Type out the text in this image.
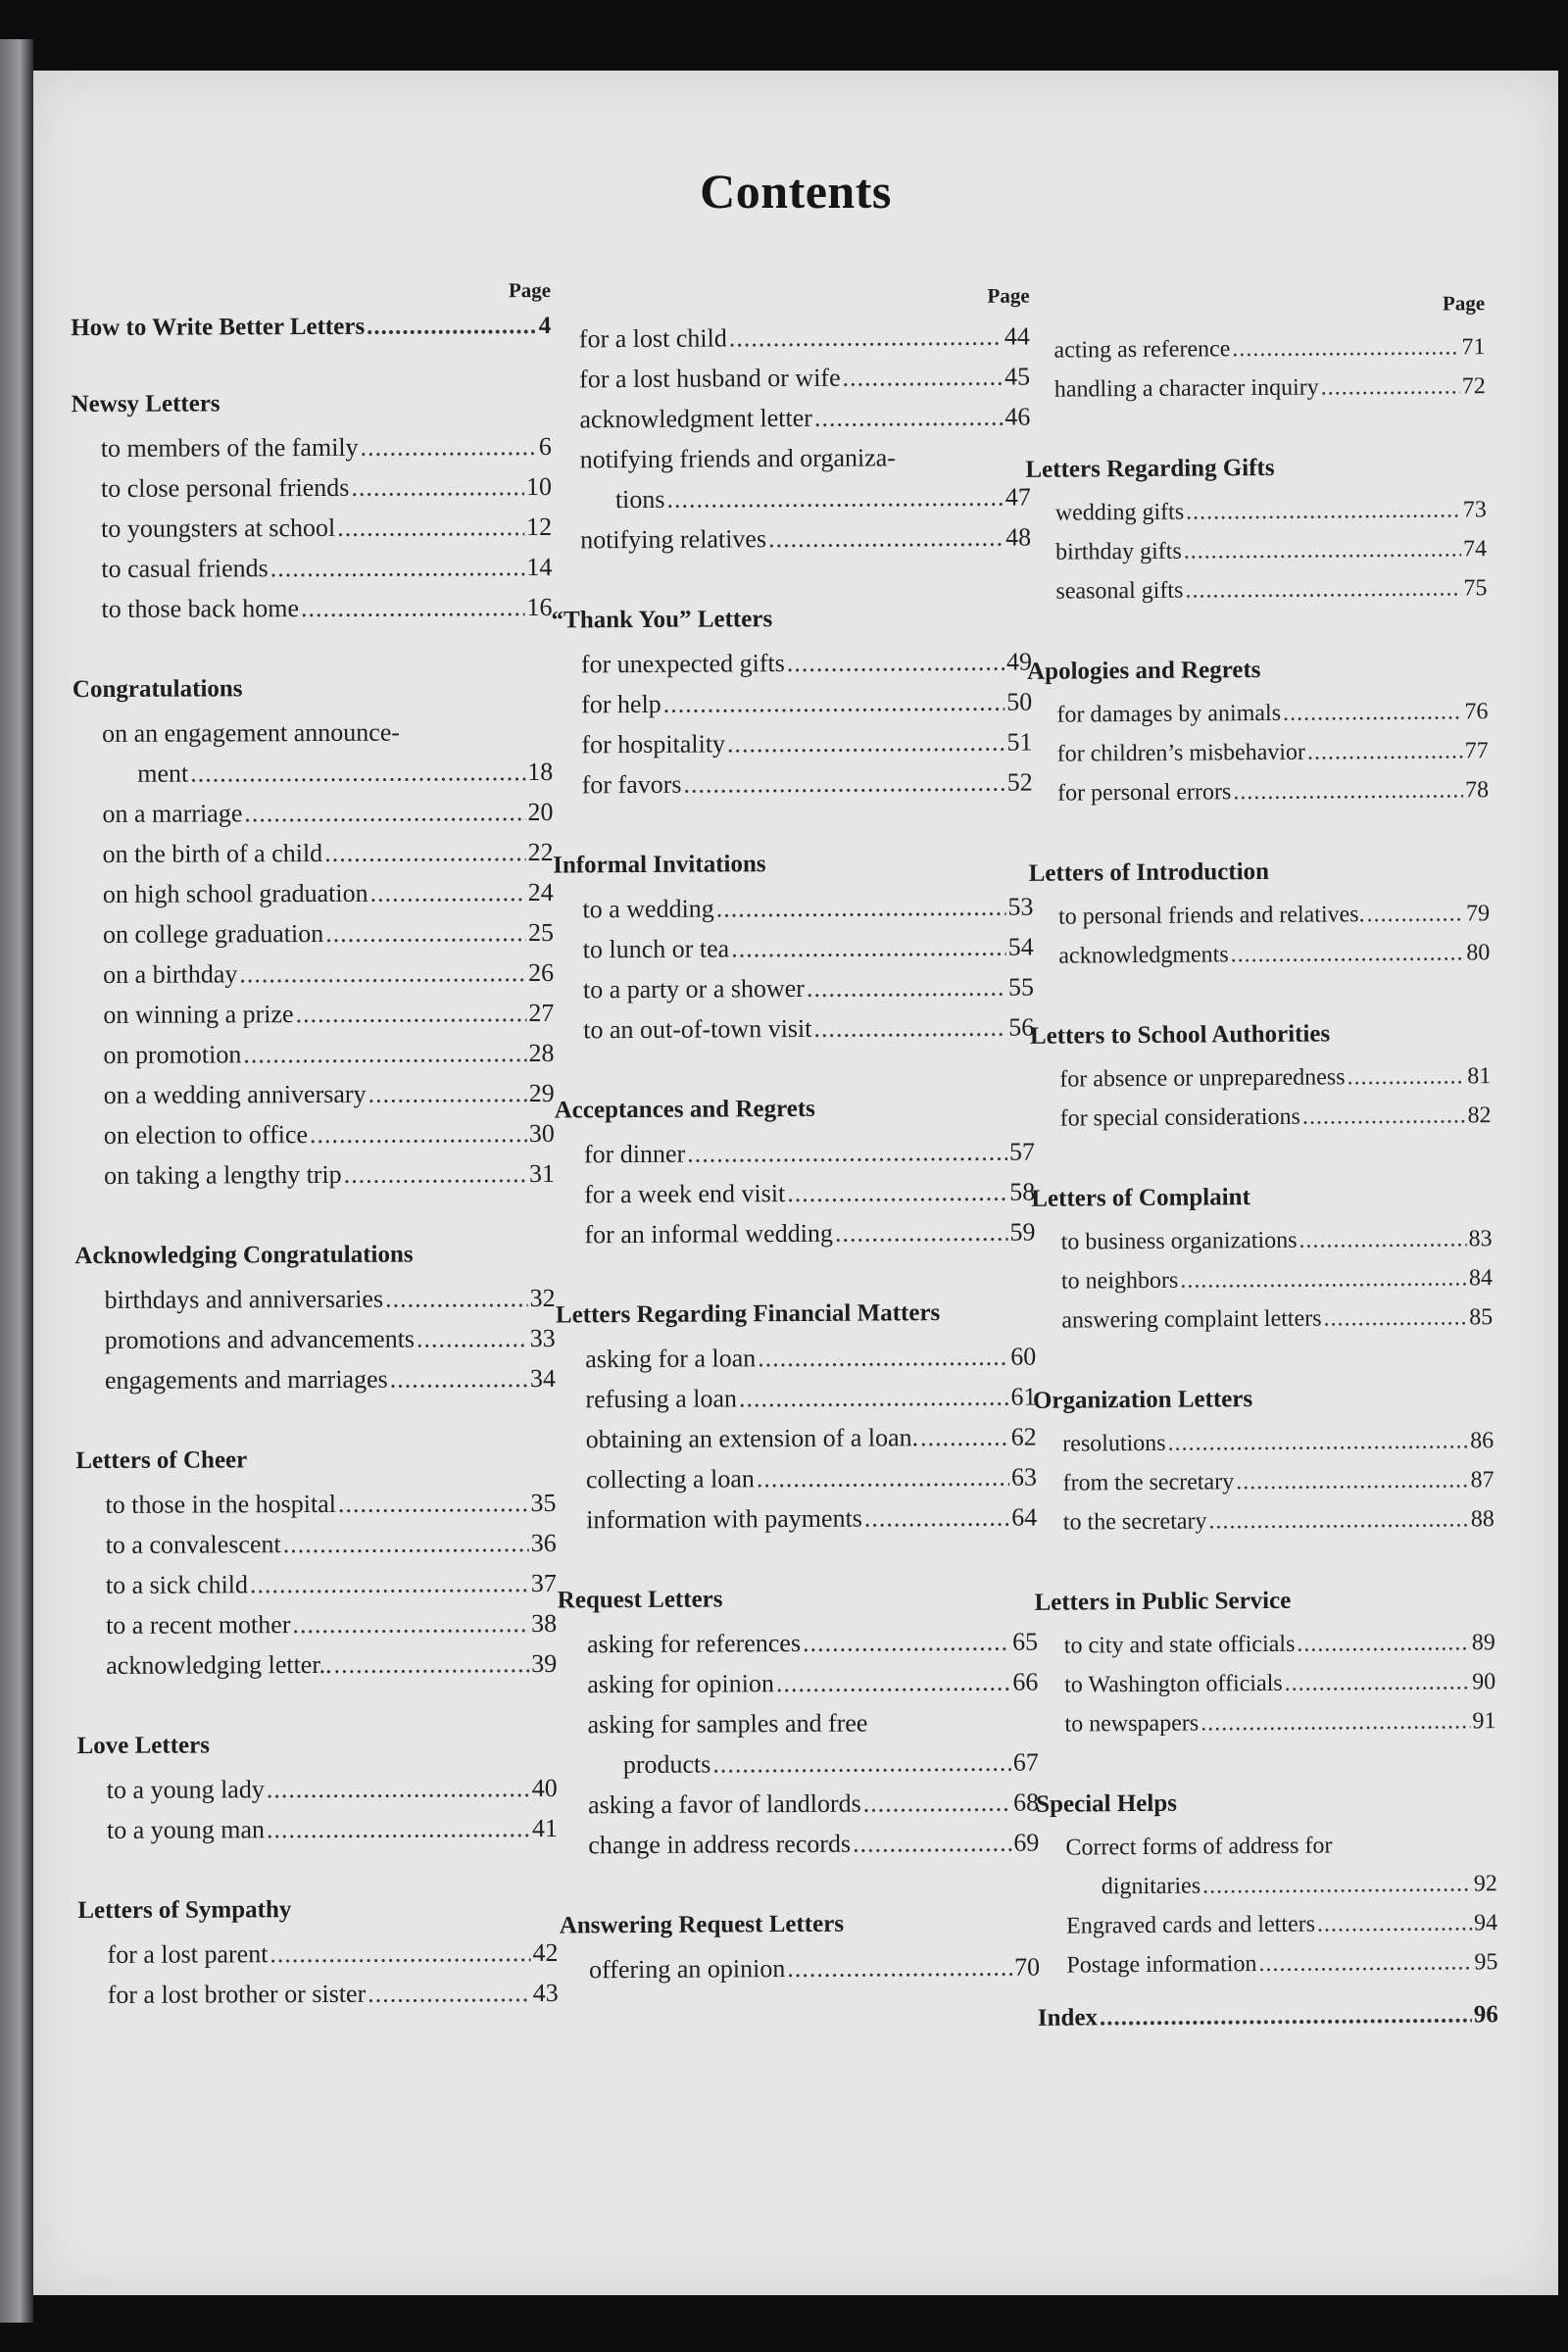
Contents
Page
How to Write Better Letters .....	4
Newsy Letters
to members of the family .....	6
to close personal friends .....	10
to youngsters at school .....	12
to casual friends .....	14
to those back home .....	16
Congratulations
on an engagement announce-
ment .....	18
on a marriage .....	20
on the birth of a child .....	22
on high school graduation .....	24
on college graduation .....	25
on a birthday .....	26
on winning a prize .....	27
on promotion .....	28
on a wedding anniversary .....	29
on election to office .....	30
on taking a lengthy trip .....	31
Acknowledging Congratulations
birthdays and anniversaries .....	32
promotions and advancements .....	33
engagements and marriages .....	34
Letters of Cheer
to those in the hospital .....	35
to a convalescent .....	36
to a sick child .....	37
to a recent mother .....	38
acknowledging letter.. .....	39
Love Letters
to a young lady .....	40
to a young man .....	41
Letters of Sympathy
for a lost parent .....	42
for a lost brother or sister .....	43
Page
for a lost child .....	44
for a lost husband or wife .....	45
acknowledgment letter .....	46
notifying friends and organiza-
tions .....	47
notifying relatives .....	48
“Thank You” Letters
for unexpected gifts .....	49
for help .....	50
for hospitality .....	51
for favors .....	52
Informal Invitations
to a wedding .....	53
to lunch or tea .....	54
to a party or a shower .....	55
to an out-of-town visit .....	56
Acceptances and Regrets
for dinner .....	57
for a week end visit .....	58
for an informal wedding .....	59
Letters Regarding Financial Matters
asking for a loan .....	60
refusing a loan .....	61
obtaining an extension of a loan. .....	62
collecting a loan .....	63
information with payments .....	64
Request Letters
asking for references .....	65
asking for opinion .....	66
asking for samples and free
products .....	67
asking a favor of landlords .....	68
change in address records .....	69
Answering Request Letters
offering an opinion .....	70
Page
acting as reference .....	71
handling a character inquiry .....	72
Letters Regarding Gifts
wedding gifts .....	73
birthday gifts .....	74
seasonal gifts .....	75
Apologies and Regrets
for damages by animals .....	76
for children’s misbehavior .....	77
for personal errors .....	78
Letters of Introduction
to personal friends and relatives. .....	79
acknowledgments .....	80
Letters to School Authorities
for absence or unpreparedness .....	81
for special considerations .....	82
Letters of Complaint
to business organizations .....	83
to neighbors .....	84
answering complaint letters .....	85
Organization Letters
resolutions .....	86
from the secretary .....	87
to the secretary .....	88
Letters in Public Service
to city and state officials .....	89
to Washington officials .....	90
to newspapers .....	91
Special Helps
Correct forms of address for
dignitaries .....	92
Engraved cards and letters .....	94
Postage information .....	95
Index .....	96
